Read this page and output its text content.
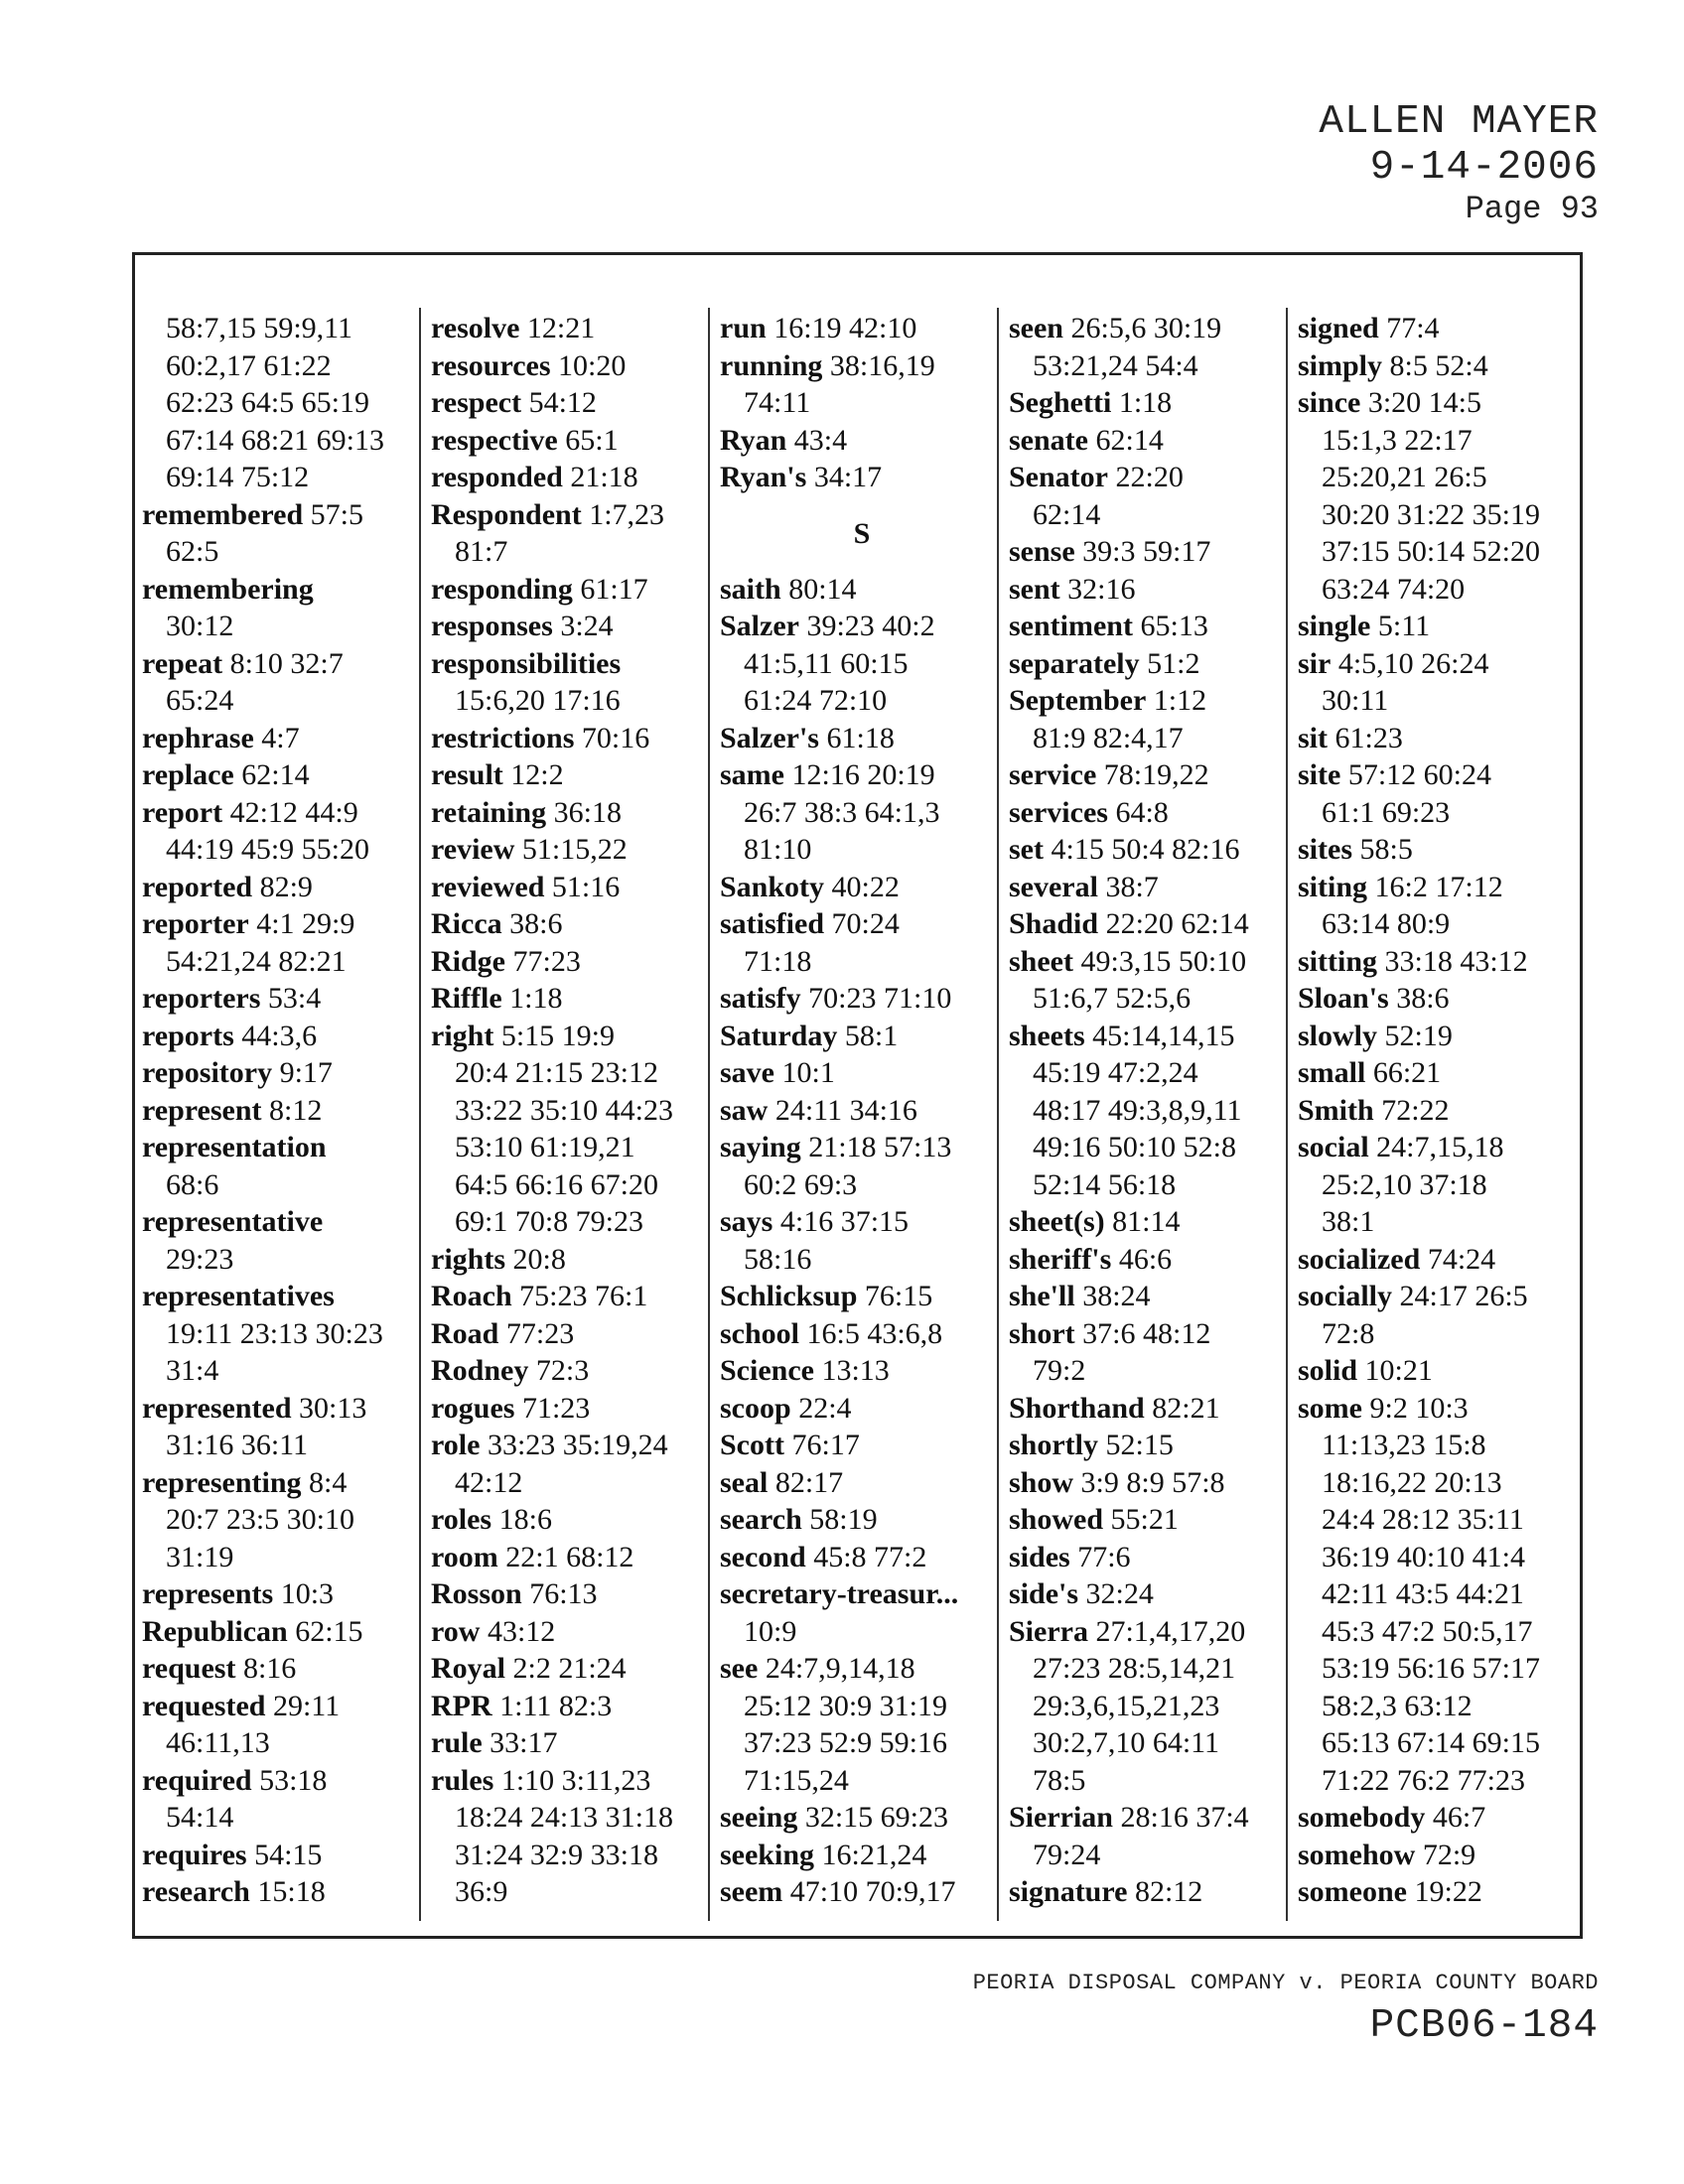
ALLEN MAYER
9-14-2006
Page 93
58:7,15 59:9,11
60:2,17 61:22
62:23 64:5 65:19
67:14 68:21 69:13
69:14 75:12
remembered 57:5
62:5
remembering
30:12
repeat 8:10 32:7
65:24
rephrase 4:7
replace 62:14
report 42:12 44:9
44:19 45:9 55:20
reported 82:9
reporter 4:1 29:9
54:21,24 82:21
reporters 53:4
reports 44:3,6
repository 9:17
represent 8:12
representation
68:6
representative
29:23
representatives
19:11 23:13 30:23
31:4
represented 30:13
31:16 36:11
representing 8:4
20:7 23:5 30:10
31:19
represents 10:3
Republican 62:15
request 8:16
requested 29:11
46:11,13
required 53:18
54:14
requires 54:15
research 15:18
resolve 12:21
resources 10:20
respect 54:12
respective 65:1
responded 21:18
Respondent 1:7,23
81:7
responding 61:17
responses 3:24
responsibilities
15:6,20 17:16
restrictions 70:16
result 12:2
retaining 36:18
review 51:15,22
reviewed 51:16
Ricca 38:6
Ridge 77:23
Riffle 1:18
right 5:15 19:9
20:4 21:15 23:12
33:22 35:10 44:23
53:10 61:19,21
64:5 66:16 67:20
69:1 70:8 79:23
rights 20:8
Roach 75:23 76:1
Road 77:23
Rodney 72:3
rogues 71:23
role 33:23 35:19,24
42:12
roles 18:6
room 22:1 68:12
Rosson 76:13
row 43:12
Royal 2:2 21:24
RPR 1:11 82:3
rule 33:17
rules 1:10 3:11,23
18:24 24:13 31:18
31:24 32:9 33:18
36:9
run 16:19 42:10
running 38:16,19
74:11
Ryan 43:4
Ryan's 34:17
S
saith 80:14
Salzer 39:23 40:2
41:5,11 60:15
61:24 72:10
Salzer's 61:18
same 12:16 20:19
26:7 38:3 64:1,3
81:10
Sankoty 40:22
satisfied 70:24
71:18
satisfy 70:23 71:10
Saturday 58:1
save 10:1
saw 24:11 34:16
saying 21:18 57:13
60:2 69:3
says 4:16 37:15
58:16
Schlicksup 76:15
school 16:5 43:6,8
Science 13:13
scoop 22:4
Scott 76:17
seal 82:17
search 58:19
second 45:8 77:2
secretary-treasur...
10:9
see 24:7,9,14,18
25:12 30:9 31:19
37:23 52:9 59:16
71:15,24
seeing 32:15 69:23
seeking 16:21,24
seem 47:10 70:9,17
seen 26:5,6 30:19
53:21,24 54:4
Seghetti 1:18
senate 62:14
Senator 22:20
62:14
sense 39:3 59:17
sent 32:16
sentiment 65:13
separately 51:2
September 1:12
81:9 82:4,17
service 78:19,22
services 64:8
set 4:15 50:4 82:16
several 38:7
Shadid 22:20 62:14
sheet 49:3,15 50:10
51:6,7 52:5,6
sheets 45:14,14,15
45:19 47:2,24
48:17 49:3,8,9,11
49:16 50:10 52:8
52:14 56:18
sheet(s) 81:14
sheriff's 46:6
she'll 38:24
short 37:6 48:12
79:2
Shorthand 82:21
shortly 52:15
show 3:9 8:9 57:8
showed 55:21
sides 77:6
side's 32:24
Sierra 27:1,4,17,20
27:23 28:5,14,21
29:3,6,15,21,23
30:2,7,10 64:11
78:5
Sierrian 28:16 37:4
79:24
signature 82:12
signed 77:4
simply 8:5 52:4
since 3:20 14:5
15:1,3 22:17
25:20,21 26:5
30:20 31:22 35:19
37:15 50:14 52:20
63:24 74:20
single 5:11
sir 4:5,10 26:24
30:11
sit 61:23
site 57:12 60:24
61:1 69:23
sites 58:5
siting 16:2 17:12
63:14 80:9
sitting 33:18 43:12
Sloan's 38:6
slowly 52:19
small 66:21
Smith 72:22
social 24:7,15,18
25:2,10 37:18
38:1
socialized 74:24
socially 24:17 26:5
72:8
solid 10:21
some 9:2 10:3
11:13,23 15:8
18:16,22 20:13
24:4 28:12 35:11
36:19 40:10 41:4
42:11 43:5 44:21
45:3 47:2 50:5,17
53:19 56:16 57:17
58:2,3 63:12
65:13 67:14 69:15
71:22 76:2 77:23
somebody 46:7
somehow 72:9
someone 19:22
PEORIA DISPOSAL COMPANY v. PEORIA COUNTY BOARD
PCB06-184
